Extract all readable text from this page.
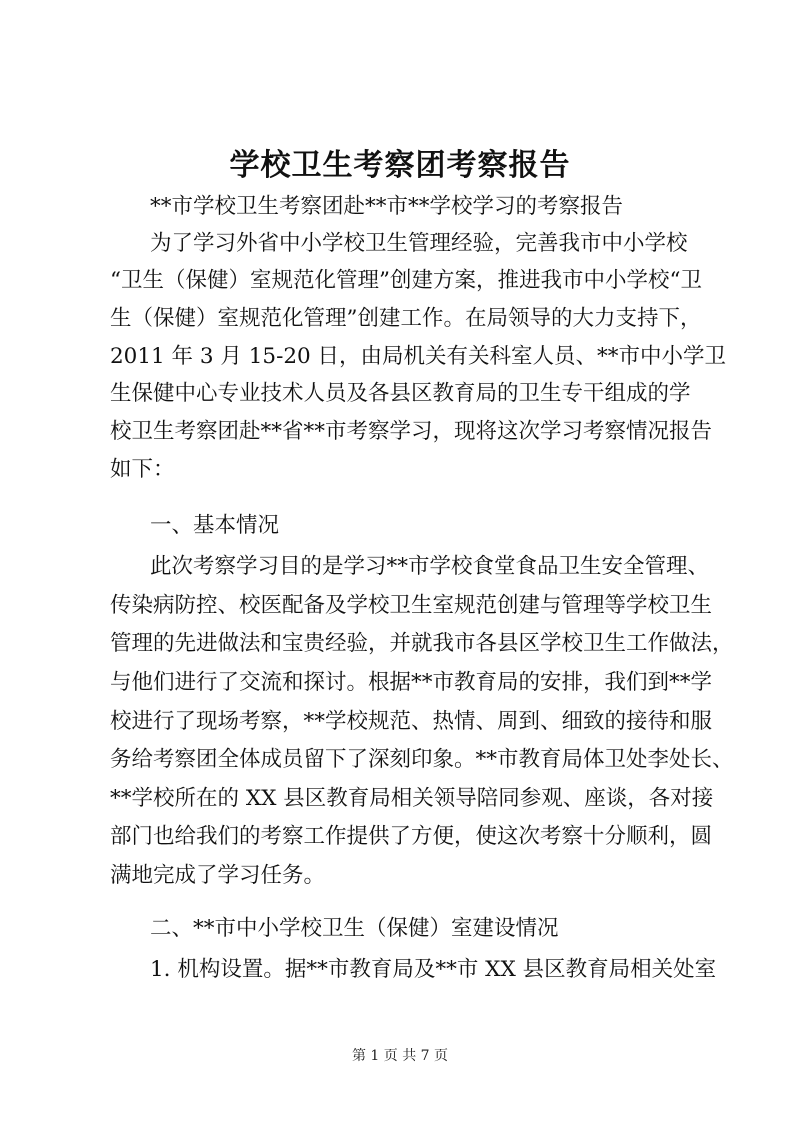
学校卫生考察团考察报告
**市学校卫生考察团赴**市**学校学习的考察报告
为了学习外省中小学校卫生管理经验，完善我市中小学校
“卫生（保健）室规范化管理”创建方案，推进我市中小学校“卫
生（保健）室规范化管理”创建工作。在局领导的大力支持下，
2011 年 3 月 15-20 日，由局机关有关科室人员、**市中小学卫
生保健中心专业技术人员及各县区教育局的卫生专干组成的学
校卫生考察团赴**省**市考察学习，现将这次学习考察情况报告
如下：
一、基本情况
此次考察学习目的是学习**市学校食堂食品卫生安全管理、
传染病防控、校医配备及学校卫生室规范创建与管理等学校卫生
管理的先进做法和宝贵经验，并就我市各县区学校卫生工作做法，
与他们进行了交流和探讨。根据**市教育局的安排，我们到**学
校进行了现场考察，**学校规范、热情、周到、细致的接待和服
务给考察团全体成员留下了深刻印象。**市教育局体卫处李处长、
**学校所在的 XX 县区教育局相关领导陪同参观、座谈，各对接
部门也给我们的考察工作提供了方便，使这次考察十分顺利，圆
满地完成了学习任务。
二、**市中小学校卫生（保健）室建设情况
1. 机构设置。据**市教育局及**市 XX 县区教育局相关处室
第 1 页 共 7 页
